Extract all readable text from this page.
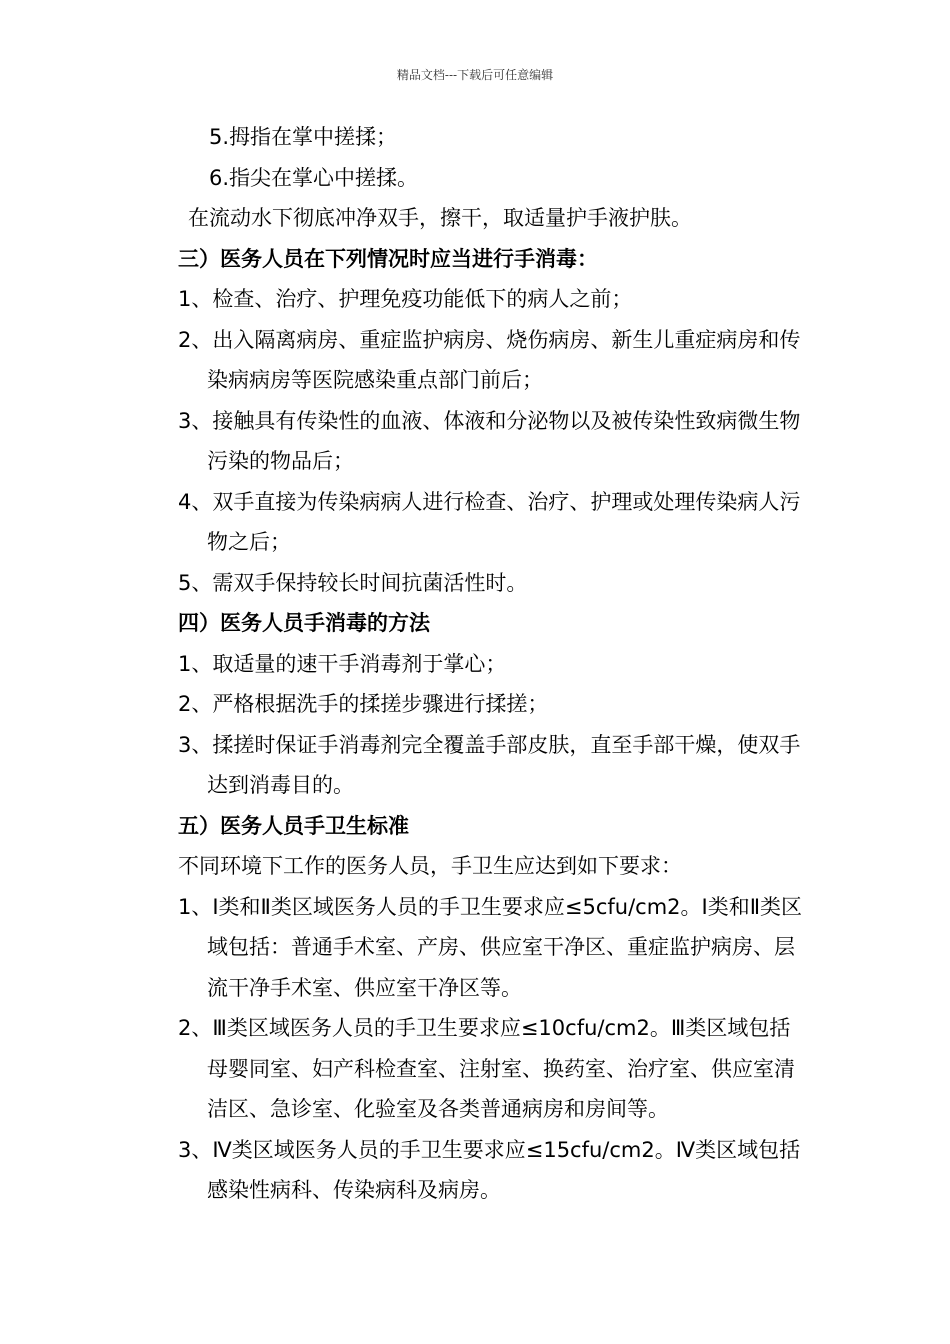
精品文档---下载后可任意编辑
5.拇指在掌中搓揉；
6.指尖在掌心中搓揉。
在流动水下彻底冲净双手，擦干，取适量护手液护肤。
三）医务人员在下列情况时应当进行手消毒：
1、检查、治疗、护理免疫功能低下的病人之前；
2、出入隔离病房、重症监护病房、烧伤病房、新生儿重症病房和传染病病房等医院感染重点部门前后；
3、接触具有传染性的血液、体液和分泌物以及被传染性致病微生物污染的物品后；
4、双手直接为传染病病人进行检查、治疗、护理或处理传染病人污物之后；
5、需双手保持较长时间抗菌活性时。
四）医务人员手消毒的方法
1、取适量的速干手消毒剂于掌心；
2、严格根据洗手的揉搓步骤进行揉搓；
3、揉搓时保证手消毒剂完全覆盖手部皮肤，直至手部干燥，使双手达到消毒目的。
五）医务人员手卫生标准
不同环境下工作的医务人员，手卫生应达到如下要求：
1、Ⅰ类和Ⅱ类区域医务人员的手卫生要求应≤5cfu/cm2。Ⅰ类和Ⅱ类区域包括：普通手术室、产房、供应室干净区、重症监护病房、层流干净手术室、供应室干净区等。
2、Ⅲ类区域医务人员的手卫生要求应≤10cfu/cm2。Ⅲ类区域包括母婴同室、妇产科检查室、注射室、换药室、治疗室、供应室清洁区、急诊室、化验室及各类普通病房和房间等。
3、Ⅳ类区域医务人员的手卫生要求应≤15cfu/cm2。Ⅳ类区域包括感染性病科、传染病科及病房。
